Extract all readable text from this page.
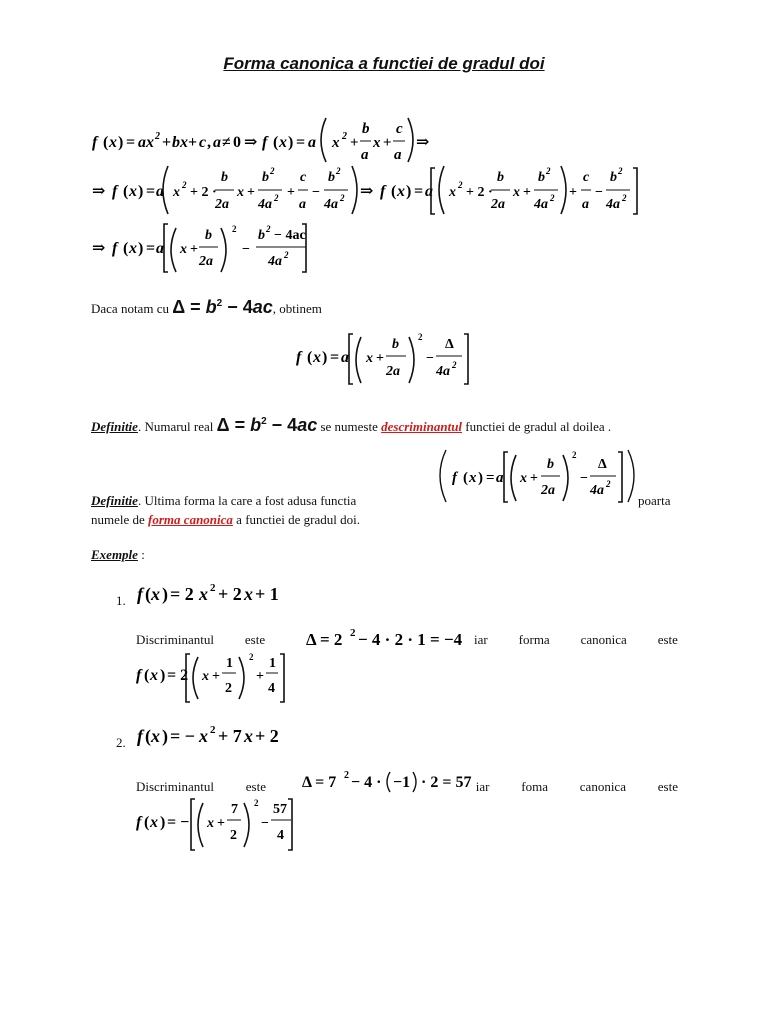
Forma canonica a functiei de gradul doi
f ( x ) = ax 2 + bx + c , a ≠ 0 ⇒ f ( x ) = a x 2 +
b
a
x +
c
a
⇒
⇒ f ( x ) = a x 2 + 2 ·
b
2a
x +
b 2
4a 2 +
c
a
−
b 2
4a 2 ⇒ f ( x ) = a x 2 + 2 ·
b
2a
x +
b 2
4a 2 +
c
a
−
b 2
4a 2
⇒ f ( x ) = a x +
b
2a
2
−
b 2 − 4ac
4a 2
Daca notam cu $\Delta = b^2 - 4ac$, obtinem
f ( x ) = a x +
b
2a
2
−
Δ
4a 2
Definitie. Numarul real $\Delta = b^2 - 4ac$ se numeste descriminantul functiei de gradul al doilea .
f ( x ) = a x +
b
2a
2
−
Δ
4a 2
Definitie. Ultima forma la care a fost adusa functia	poarta
numele de forma canonica a functiei de gradul doi.
Exemple :
1. f ( x ) = 2 x 2 + 2 x + 1
Δ = 2 2 − 4 · 2 · 1 = −4
f ( x ) = 2 x +
1
2
2
+
1
4
Discriminantul este	iar forma canonica este
2. f ( x ) = − x 2 + 7 x + 2
Δ = 7 2 − 4 · −1 · 2 = 57
f ( x ) = − x +
7
2
2
−
57
4
Discriminantul este	iar foma canonica este
